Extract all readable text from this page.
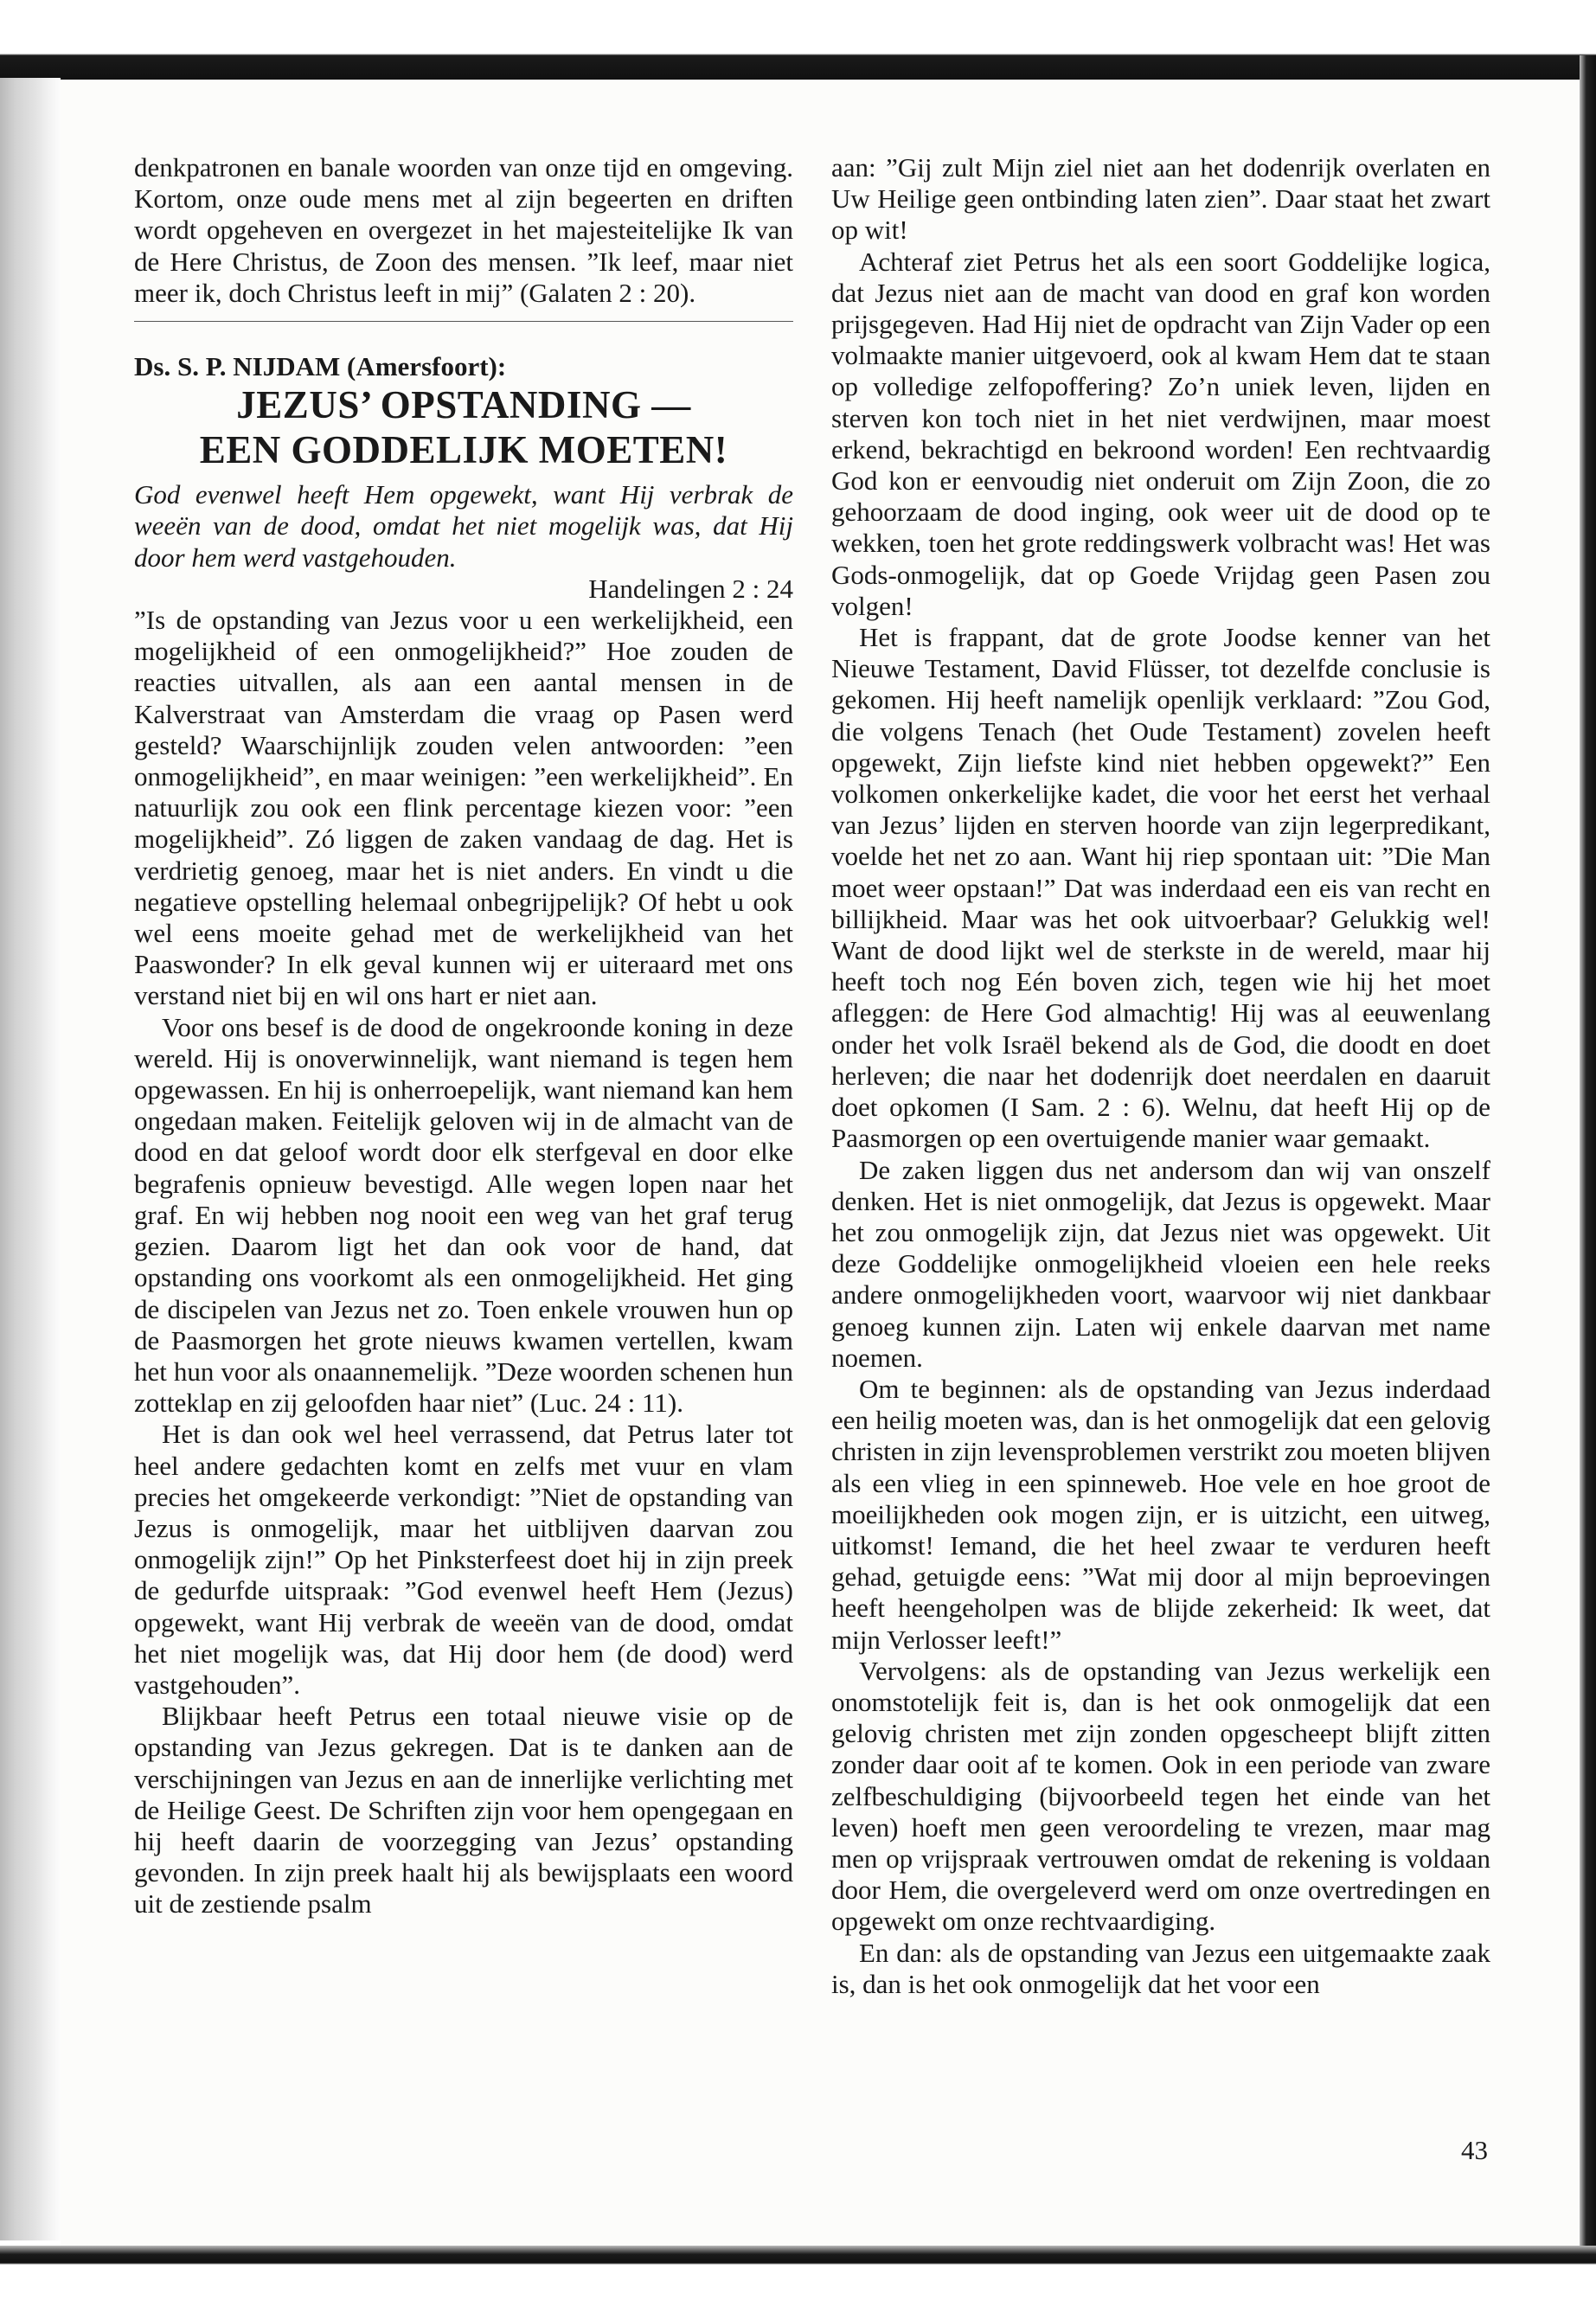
denkpatronen en banale woorden van onze tijd en omgeving. Kortom, onze oude mens met al zijn begeerten en driften wordt opgeheven en overgezet in het majesteitelijke Ik van de Here Christus, de Zoon des mensen. ”Ik leef, maar niet meer ik, doch Christus leeft in mij” (Galaten 2 : 20).

Ds. S. P. NIJDAM (Amersfoort):

JEZUS’ OPSTANDING —
EEN GODDELIJK MOETEN!

God evenwel heeft Hem opgewekt, want Hij verbrak de weeën van de dood, omdat het niet mogelijk was, dat Hij door hem werd vastgehouden.

Handelingen 2 : 24

”Is de opstanding van Jezus voor u een werkelijkheid, een mogelijkheid of een onmogelijkheid?” Hoe zouden de reacties uitvallen, als aan een aantal mensen in de Kalverstraat van Amsterdam die vraag op Pasen werd gesteld? Waarschijnlijk zouden velen antwoorden: ”een onmogelijkheid”, en maar weinigen: ”een werkelijkheid”. En natuurlijk zou ook een flink percentage kiezen voor: ”een mogelijkheid”. Zó liggen de zaken vandaag de dag. Het is verdrietig genoeg, maar het is niet anders. En vindt u die negatieve opstelling helemaal onbegrijpelijk? Of hebt u ook wel eens moeite gehad met de werkelijkheid van het Paaswonder? In elk geval kunnen wij er uiteraard met ons verstand niet bij en wil ons hart er niet aan.

Voor ons besef is de dood de ongekroonde koning in deze wereld. Hij is onoverwinnelijk, want niemand is tegen hem opgewassen. En hij is onherroepelijk, want niemand kan hem ongedaan maken. Feitelijk geloven wij in de almacht van de dood en dat geloof wordt door elk sterfgeval en door elke begrafenis opnieuw bevestigd. Alle wegen lopen naar het graf. En wij hebben nog nooit een weg van het graf terug gezien. Daarom ligt het dan ook voor de hand, dat opstanding ons voorkomt als een onmogelijkheid. Het ging de discipelen van Jezus net zo. Toen enkele vrouwen hun op de Paasmorgen het grote nieuws kwamen vertellen, kwam het hun voor als onaannemelijk. ”Deze woorden schenen hun zotteklap en zij geloofden haar niet” (Luc. 24 : 11).

Het is dan ook wel heel verrassend, dat Petrus later tot heel andere gedachten komt en zelfs met vuur en vlam precies het omgekeerde verkondigt: ”Niet de opstanding van Jezus is onmogelijk, maar het uitblijven daarvan zou onmogelijk zijn!” Op het Pinksterfeest doet hij in zijn preek de gedurfde uitspraak: ”God evenwel heeft Hem (Jezus) opgewekt, want Hij verbrak de weeën van de dood, omdat het niet mogelijk was, dat Hij door hem (de dood) werd vastgehouden”.

Blijkbaar heeft Petrus een totaal nieuwe visie op de opstanding van Jezus gekregen. Dat is te danken aan de verschijningen van Jezus en aan de innerlijke verlichting met de Heilige Geest. De Schriften zijn voor hem opengegaan en hij heeft daarin de voorzegging van Jezus’ opstanding gevonden. In zijn preek haalt hij als bewijsplaats een woord uit de zestiende psalm

aan: ”Gij zult Mijn ziel niet aan het dodenrijk overlaten en Uw Heilige geen ontbinding laten zien”. Daar staat het zwart op wit!

Achteraf ziet Petrus het als een soort Goddelijke logica, dat Jezus niet aan de macht van dood en graf kon worden prijsgegeven. Had Hij niet de opdracht van Zijn Vader op een volmaakte manier uitgevoerd, ook al kwam Hem dat te staan op volledige zelfopoffering? Zo’n uniek leven, lijden en sterven kon toch niet in het niet verdwijnen, maar moest erkend, bekrachtigd en bekroond worden! Een rechtvaardig God kon er eenvoudig niet onderuit om Zijn Zoon, die zo gehoorzaam de dood inging, ook weer uit de dood op te wekken, toen het grote reddingswerk volbracht was! Het was Gods-onmogelijk, dat op Goede Vrijdag geen Pasen zou volgen!

Het is frappant, dat de grote Joodse kenner van het Nieuwe Testament, David Flüsser, tot dezelfde conclusie is gekomen. Hij heeft namelijk openlijk verklaard: ”Zou God, die volgens Tenach (het Oude Testament) zovelen heeft opgewekt, Zijn liefste kind niet hebben opgewekt?” Een volkomen onkerkelijke kadet, die voor het eerst het verhaal van Jezus’ lijden en sterven hoorde van zijn legerpredikant, voelde het net zo aan. Want hij riep spontaan uit: ”Die Man moet weer opstaan!” Dat was inderdaad een eis van recht en billijkheid. Maar was het ook uitvoerbaar? Gelukkig wel! Want de dood lijkt wel de sterkste in de wereld, maar hij heeft toch nog Eén boven zich, tegen wie hij het moet afleggen: de Here God almachtig! Hij was al eeuwenlang onder het volk Israël bekend als de God, die doodt en doet herleven; die naar het dodenrijk doet neerdalen en daaruit doet opkomen (I Sam. 2 : 6). Welnu, dat heeft Hij op de Paasmorgen op een overtuigende manier waar gemaakt.

De zaken liggen dus net andersom dan wij van onszelf denken. Het is niet onmogelijk, dat Jezus is opgewekt. Maar het zou onmogelijk zijn, dat Jezus niet was opgewekt. Uit deze Goddelijke onmogelijkheid vloeien een hele reeks andere onmogelijkheden voort, waarvoor wij niet dankbaar genoeg kunnen zijn. Laten wij enkele daarvan met name noemen.

Om te beginnen: als de opstanding van Jezus inderdaad een heilig moeten was, dan is het onmogelijk dat een gelovig christen in zijn levensproblemen verstrikt zou moeten blijven als een vlieg in een spinneweb. Hoe vele en hoe groot de moeilijkheden ook mogen zijn, er is uitzicht, een uitweg, uitkomst! Iemand, die het heel zwaar te verduren heeft gehad, getuigde eens: ”Wat mij door al mijn beproevingen heeft heengeholpen was de blijde zekerheid: Ik weet, dat mijn Verlosser leeft!”

Vervolgens: als de opstanding van Jezus werkelijk een onomstotelijk feit is, dan is het ook onmogelijk dat een gelovig christen met zijn zonden opgescheept blijft zitten zonder daar ooit af te komen. Ook in een periode van zware zelfbeschuldiging (bijvoorbeeld tegen het einde van het leven) hoeft men geen veroordeling te vrezen, maar mag men op vrijspraak vertrouwen omdat de rekening is voldaan door Hem, die overgeleverd werd om onze overtredingen en opgewekt om onze rechtvaardiging.

En dan: als de opstanding van Jezus een uitgemaakte zaak is, dan is het ook onmogelijk dat het voor een

43
